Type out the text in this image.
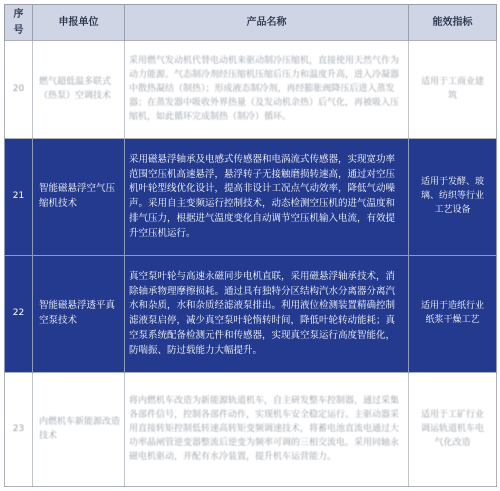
序号	申报单位	产品名称	能效指标
20	燃气超低温多联式（热泵）空调技术	采用燃气发动机代替电动机来驱动制冷压缩机，直接使用天然气作为动力能源。气态制冷剂经压缩机压缩后压力和温度升高，进入冷凝器中散热凝结（制热）；形成液态制冷剂，再经膨胀阀降压后进入蒸发器；在蒸发器中吸收外界热量（及发动机余热）后气化，再被吸入压缩机，如此循环完成制热（制冷）循环。	适用于工商业建筑
21	智能磁悬浮空气压缩机技术	采用磁悬浮轴承及电感式传感器和电涡流式传感器，实现宽功率范围空压机高速悬浮，悬浮转子无接触磨损转速高，通过对空压机叶轮型线优化设计，提高非设计工况点气动效率，降低气动噪声。采用自主变频运行控制技术，动态检测空压机的进气温度和排气压力，根据进气温度变化自动调节空压机输入电流，有效提升空压机运行。	适用于发酵、玻璃、纺织等行业工艺设备
22	智能磁悬浮透平真空泵技术	真空泵叶轮与高速永磁同步电机直联，采用磁悬浮轴承技术，消除轴承物理摩擦损耗。通过具有独特分区结构汽水分离器分离汽水和杂质，水和杂质经滤液泵排出。利用液位检测装置精确控制滤液泵启停，减少真空泵叶轮惰转时间，降低叶轮转动能耗；真空泵系统配备检测元件和传感器，实现真空泵运行高度智能化，防喘振、防过载能力大幅提升。	适用于造纸行业纸浆干燥工艺
23	内燃机车新能源改造技术	将内燃机车改造为新能源轨道机车，自主研发整车控制器，通过采集各部件信号，控制各部件动作，实现机车安全稳定运行。主驱动器采用直接转矩控制低转速高转矩变频调速技术，将蓄电池直流电通过大功率晶闸管逆变器整流后逆变为频率可调的三相交流电。采用同轴永磁电机驱动，并配有水冷装置，提升机车运营能力。	适用于工矿行业调运轨道机车电气化改造
